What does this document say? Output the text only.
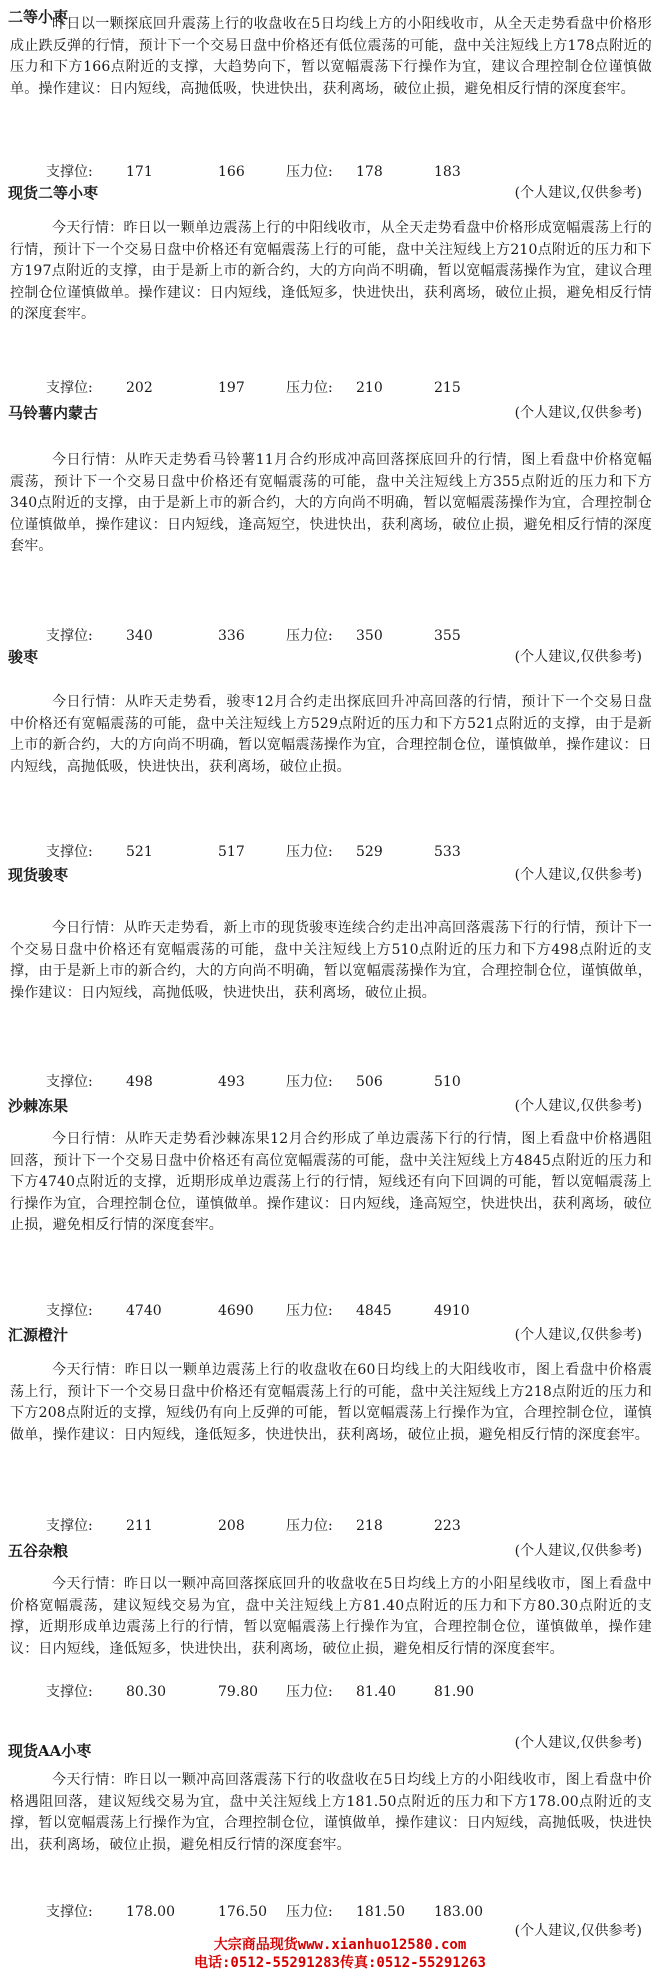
二等小枣

昨日以一颗探底回升震荡上行的收盘收在5日均线上方的小阳线收市，从全天走势看盘中价格形成止跌反弹的行情，预计下一个交易日盘中价格还有低位震荡的可能，盘中关注短线上方178点附近的压力和下方166点附近的支撑，大趋势向下，暂以宽幅震荡下行操作为宜，建议合理控制仓位谨慎做单。操作建议：日内短线，高抛低吸，快进快出，获利离场，破位止损，避免相反行情的深度套牢。

支撑位: 171	166	压力位: 178	183
现货二等小枣	(个人建议,仅供参考)

今天行情：昨日以一颗单边震荡上行的中阳线收市，从全天走势看盘中价格形成宽幅震荡上行的行情，预计下一个交易日盘中价格还有宽幅震荡上行的可能，盘中关注短线上方210点附近的压力和下方197点附近的支撑，由于是新上市的新合约，大的方向尚不明确，暂以宽幅震荡操作为宜，建议合理控制仓位谨慎做单。操作建议：日内短线，逢低短多，快进快出，获利离场，破位止损，避免相反行情的深度套牢。

支撑位: 202	197	压力位: 210	215
马铃薯内蒙古	(个人建议,仅供参考)

今日行情：从昨天走势看马铃薯11月合约形成冲高回落探底回升的行情，图上看盘中价格宽幅震荡，预计下一个交易日盘中价格还有宽幅震荡的可能，盘中关注短线上方355点附近的压力和下方340点附近的支撑，由于是新上市的新合约，大的方向尚不明确，暂以宽幅震荡操作为宜，合理控制仓位谨慎做单，操作建议：日内短线，逢高短空，快进快出，获利离场，破位止损，避免相反行情的深度套牢。

支撑位: 340	336	压力位: 350	355
骏枣	(个人建议,仅供参考)

今日行情：从昨天走势看，骏枣12月合约走出探底回升冲高回落的行情，预计下一个交易日盘中价格还有宽幅震荡的可能，盘中关注短线上方529点附近的压力和下方521点附近的支撑，由于是新上市的新合约，大的方向尚不明确，暂以宽幅震荡操作为宜，合理控制仓位，谨慎做单，操作建议：日内短线，高抛低吸，快进快出，获利离场，破位止损。

支撑位: 521	517	压力位: 529	533
现货骏枣	(个人建议,仅供参考)

今日行情：从昨天走势看，新上市的现货骏枣连续合约走出冲高回落震荡下行的行情，预计下一个交易日盘中价格还有宽幅震荡的可能，盘中关注短线上方510点附近的压力和下方498点附近的支撑，由于是新上市的新合约，大的方向尚不明确，暂以宽幅震荡操作为宜，合理控制仓位，谨慎做单，操作建议：日内短线，高抛低吸，快进快出，获利离场，破位止损。

支撑位: 498	493	压力位: 506	510
沙棘冻果	(个人建议,仅供参考)

今日行情：从昨天走势看沙棘冻果12月合约形成了单边震荡下行的行情，图上看盘中价格遇阻回落，预计下一个交易日盘中价格还有高位宽幅震荡的可能，盘中关注短线上方4845点附近的压力和下方4740点附近的支撑，近期形成单边震荡上行的行情，短线还有向下回调的可能，暂以宽幅震荡上行操作为宜，合理控制仓位，谨慎做单。操作建议：日内短线，逢高短空，快进快出，获利离场，破位止损，避免相反行情的深度套牢。

支撑位: 4740	4690 压力位: 4845	4910
汇源橙汁	(个人建议,仅供参考)

今天行情：昨日以一颗单边震荡上行的收盘收在60日均线上的大阳线收市，图上看盘中价格震荡上行，预计下一个交易日盘中价格还有宽幅震荡上行的可能，盘中关注短线上方218点附近的压力和下方208点附近的支撑，短线仍有向上反弹的可能，暂以宽幅震荡上行操作为宜，合理控制仓位，谨慎做单，操作建议：日内短线，逢低短多，快进快出，获利离场，破位止损，避免相反行情的深度套牢。

支撑位: 211	208	压力位: 218	223
五谷杂粮	(个人建议,仅供参考)

今天行情：昨日以一颗冲高回落探底回升的收盘收在5日均线上方的小阳星线收市，图上看盘中价格宽幅震荡，建议短线交易为宜，盘中关注短线上方81.40点附近的压力和下方80.30点附近的支撑，近期形成单边震荡上行的行情，暂以宽幅震荡上行操作为宜，合理控制仓位，谨慎做单，操作建议：日内短线，逢低短多，快进快出，获利离场，破位止损，避免相反行情的深度套牢。

支撑位: 80.30	79.80 压力位: 81.40	81.90
现货AA小枣	(个人建议,仅供参考)

今天行情：昨日以一颗冲高回落震荡下行的收盘收在5日均线上方的小阳线收市，图上看盘中价格遇阻回落，建议短线交易为宜，盘中关注短线上方181.50点附近的压力和下方178.00点附近的支撑，暂以宽幅震荡上行操作为宜，合理控制仓位，谨慎做单，操作建议：日内短线，高抛低吸，快进快出，获利离场，破位止损，避免相反行情的深度套牢。

支撑位: 178.00	176.50 压力位: 181.50 183.00
(个人建议,仅供参考)
大宗商品现货www.xianhuo12580.com
电话:0512-55291283传真:0512-55291263
